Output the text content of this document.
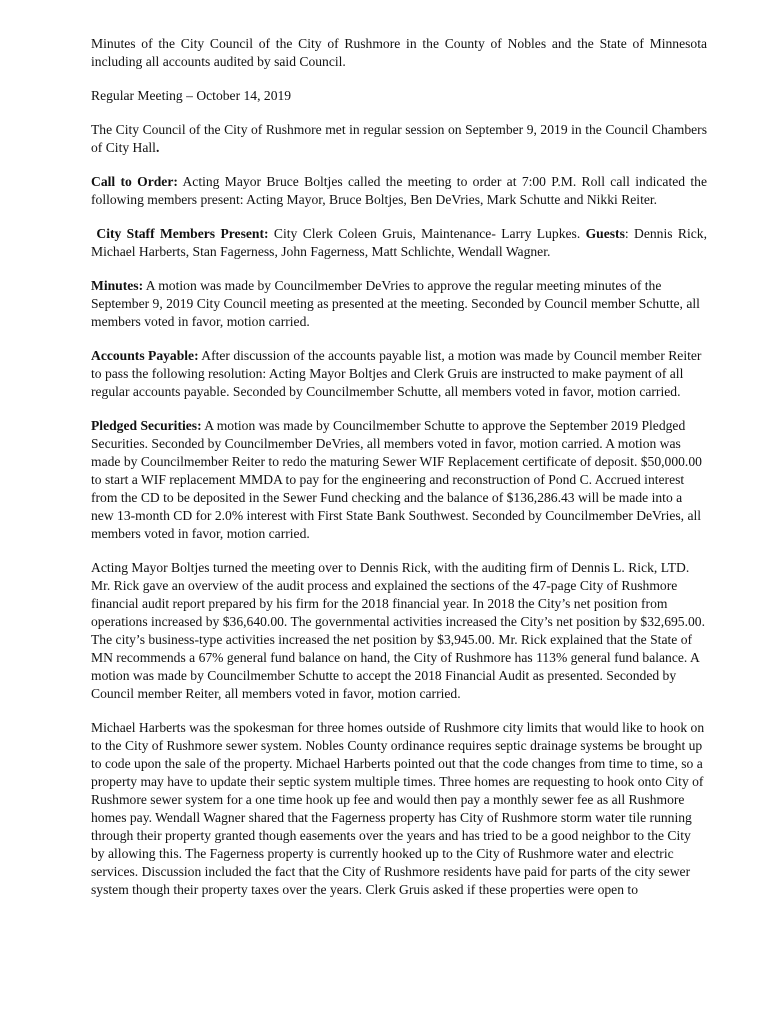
Minutes of the City Council of the City of Rushmore in the County of Nobles and the State of Minnesota including all accounts audited by said Council.

Regular Meeting – October 14, 2019

The City Council of the City of Rushmore met in regular session on September 9, 2019 in the Council Chambers of City Hall.

Call to Order: Acting Mayor Bruce Boltjes called the meeting to order at 7:00 P.M. Roll call indicated the following members present: Acting Mayor, Bruce Boltjes, Ben DeVries, Mark Schutte and Nikki Reiter.

City Staff Members Present: City Clerk Coleen Gruis, Maintenance- Larry Lupkes. Guests: Dennis Rick, Michael Harberts, Stan Fagerness, John Fagerness, Matt Schlichte, Wendall Wagner.

Minutes: A motion was made by Councilmember DeVries to approve the regular meeting minutes of the September 9, 2019 City Council meeting as presented at the meeting. Seconded by Council member Schutte, all members voted in favor, motion carried.

Accounts Payable: After discussion of the accounts payable list, a motion was made by Council member Reiter to pass the following resolution: Acting Mayor Boltjes and Clerk Gruis are instructed to make payment of all regular accounts payable. Seconded by Councilmember Schutte, all members voted in favor, motion carried.

Pledged Securities: A motion was made by Councilmember Schutte to approve the September 2019 Pledged Securities. Seconded by Councilmember DeVries, all members voted in favor, motion carried. A motion was made by Councilmember Reiter to redo the maturing Sewer WIF Replacement certificate of deposit. $50,000.00 to start a WIF replacement MMDA to pay for the engineering and reconstruction of Pond C. Accrued interest from the CD to be deposited in the Sewer Fund checking and the balance of $136,286.43 will be made into a new 13-month CD for 2.0% interest with First State Bank Southwest. Seconded by Councilmember DeVries, all members voted in favor, motion carried.

Acting Mayor Boltjes turned the meeting over to Dennis Rick, with the auditing firm of Dennis L. Rick, LTD. Mr. Rick gave an overview of the audit process and explained the sections of the 47-page City of Rushmore financial audit report prepared by his firm for the 2018 financial year. In 2018 the City’s net position from operations increased by $36,640.00. The governmental activities increased the City’s net position by $32,695.00. The city’s business-type activities increased the net position by $3,945.00. Mr. Rick explained that the State of MN recommends a 67% general fund balance on hand, the City of Rushmore has 113% general fund balance. A motion was made by Councilmember Schutte to accept the 2018 Financial Audit as presented. Seconded by Council member Reiter, all members voted in favor, motion carried.

Michael Harberts was the spokesman for three homes outside of Rushmore city limits that would like to hook on to the City of Rushmore sewer system. Nobles County ordinance requires septic drainage systems be brought up to code upon the sale of the property. Michael Harberts pointed out that the code changes from time to time, so a property may have to update their septic system multiple times. Three homes are requesting to hook onto City of Rushmore sewer system for a one time hook up fee and would then pay a monthly sewer fee as all Rushmore homes pay. Wendall Wagner shared that the Fagerness property has City of Rushmore storm water tile running through their property granted though easements over the years and has tried to be a good neighbor to the City by allowing this. The Fagerness property is currently hooked up to the City of Rushmore water and electric services. Discussion included the fact that the City of Rushmore residents have paid for parts of the city sewer system though their property taxes over the years. Clerk Gruis asked if these properties were open to
